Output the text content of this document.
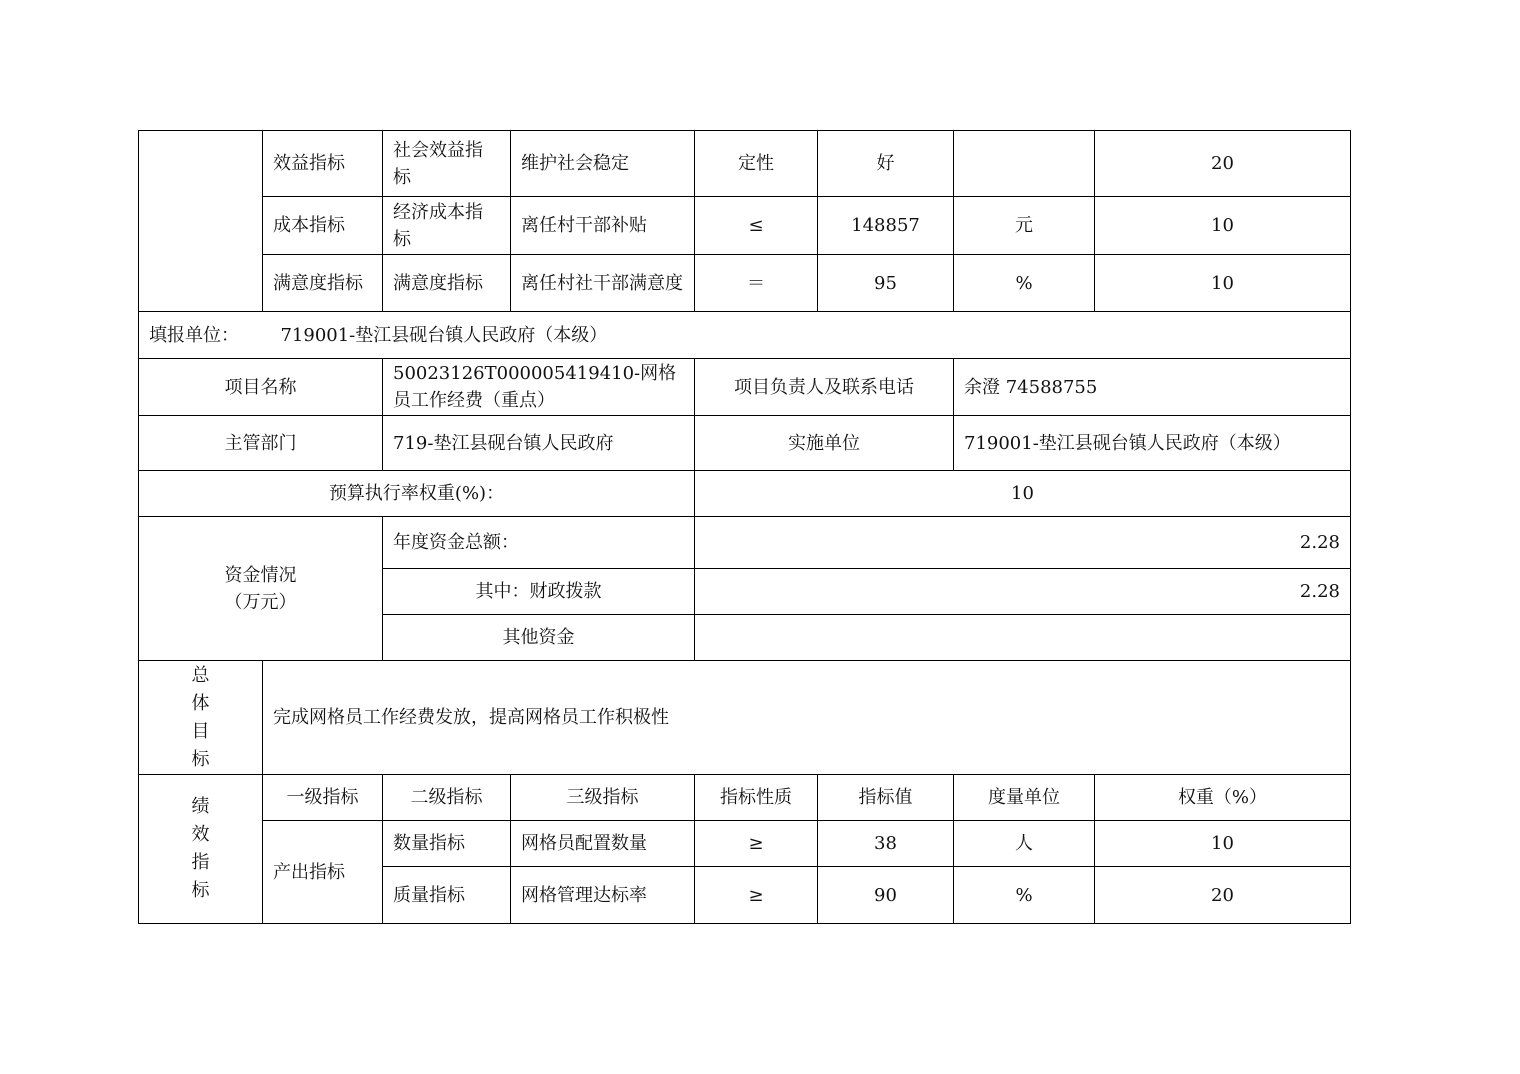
	效益指标	社会效益指标	维护社会稳定	定性	好		20
	成本指标	经济成本指标	离任村干部补贴	≤	148857	元	10
	满意度指标	满意度指标	离任村社干部满意度	＝	95	%	10
填报单位： 719001-垫江县砚台镇人民政府（本级）							
项目名称		50023126T000005419410-网格员工作经费（重点）		项目负责人及联系电话		余澄 74588755	
主管部门		719-垫江县砚台镇人民政府		实施单位		719001-垫江县砚台镇人民政府（本级）	
预算执行率权重(%)：				10			

资金情况
（万元）		年度资金总额：		2.28			
		其中：财政拨款		2.28			
		其他资金					

总
体
目
标	完成网格员工作经费发放，提高网格员工作积极性						

绩
效
指
标	一级指标	二级指标	三级指标	指标性质	指标值	度量单位	权重（%）
	产出指标	数量指标	网格员配置数量	≥	38	人	10
		质量指标	网格管理达标率	≥	90	%	20
